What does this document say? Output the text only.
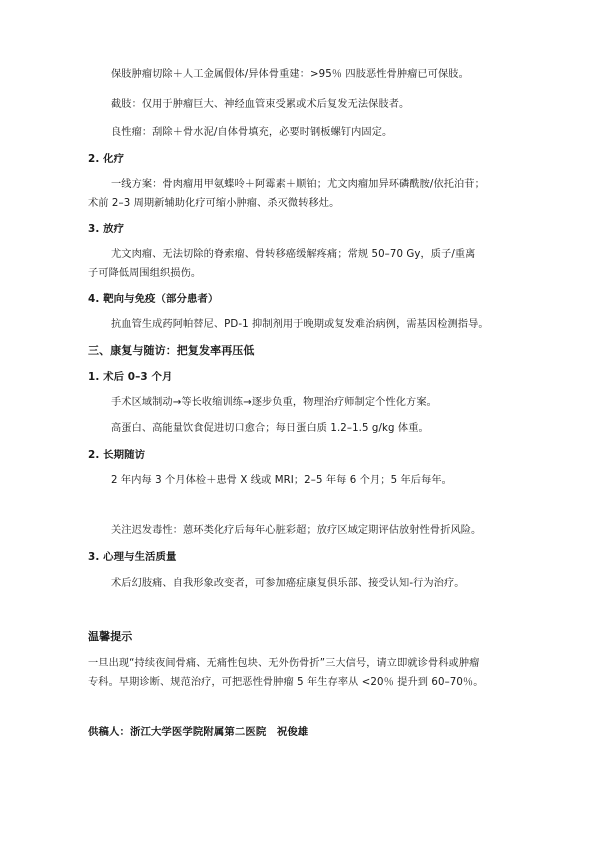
保肢肿瘤切除＋人工金属假体/异体骨重建：>95％ 四肢恶性骨肿瘤已可保肢。
截肢：仅用于肿瘤巨大、神经血管束受累或术后复发无法保肢者。
良性瘤：刮除＋骨水泥/自体骨填充，必要时钢板螺钉内固定。
2. 化疗
一线方案：骨肉瘤用甲氨蝶呤＋阿霉素＋顺铂；尤文肉瘤加异环磷酰胺/依托泊苷；
术前 2–3 周期新辅助化疗可缩小肿瘤、杀灭微转移灶。
3. 放疗
尤文肉瘤、无法切除的脊索瘤、骨转移癌缓解疼痛；常规 50–70 Gy，质子/重离
子可降低周围组织损伤。
4. 靶向与免疫（部分患者）
抗血管生成药阿帕替尼、PD-1 抑制剂用于晚期或复发难治病例，需基因检测指导。
三、康复与随访：把复发率再压低
1. 术后 0–3 个月
手术区域制动→等长收缩训练→逐步负重，物理治疗师制定个性化方案。
高蛋白、高能量饮食促进切口愈合；每日蛋白质 1.2–1.5 g/kg 体重。
2. 长期随访
2 年内每 3 个月体检＋患骨 X 线或 MRI；2–5 年每 6 个月；5 年后每年。
关注迟发毒性：蒽环类化疗后每年心脏彩超；放疗区域定期评估放射性骨折风险。
3. 心理与生活质量
术后幻肢痛、自我形象改变者，可参加癌症康复俱乐部、接受认知-行为治疗。
温馨提示
一旦出现“持续夜间骨痛、无痛性包块、无外伤骨折”三大信号，请立即就诊骨科或肿瘤
专科。早期诊断、规范治疗，可把恶性骨肿瘤 5 年生存率从 <20％ 提升到 60–70％。
供稿人：浙江大学医学院附属第二医院　祝俊雄
